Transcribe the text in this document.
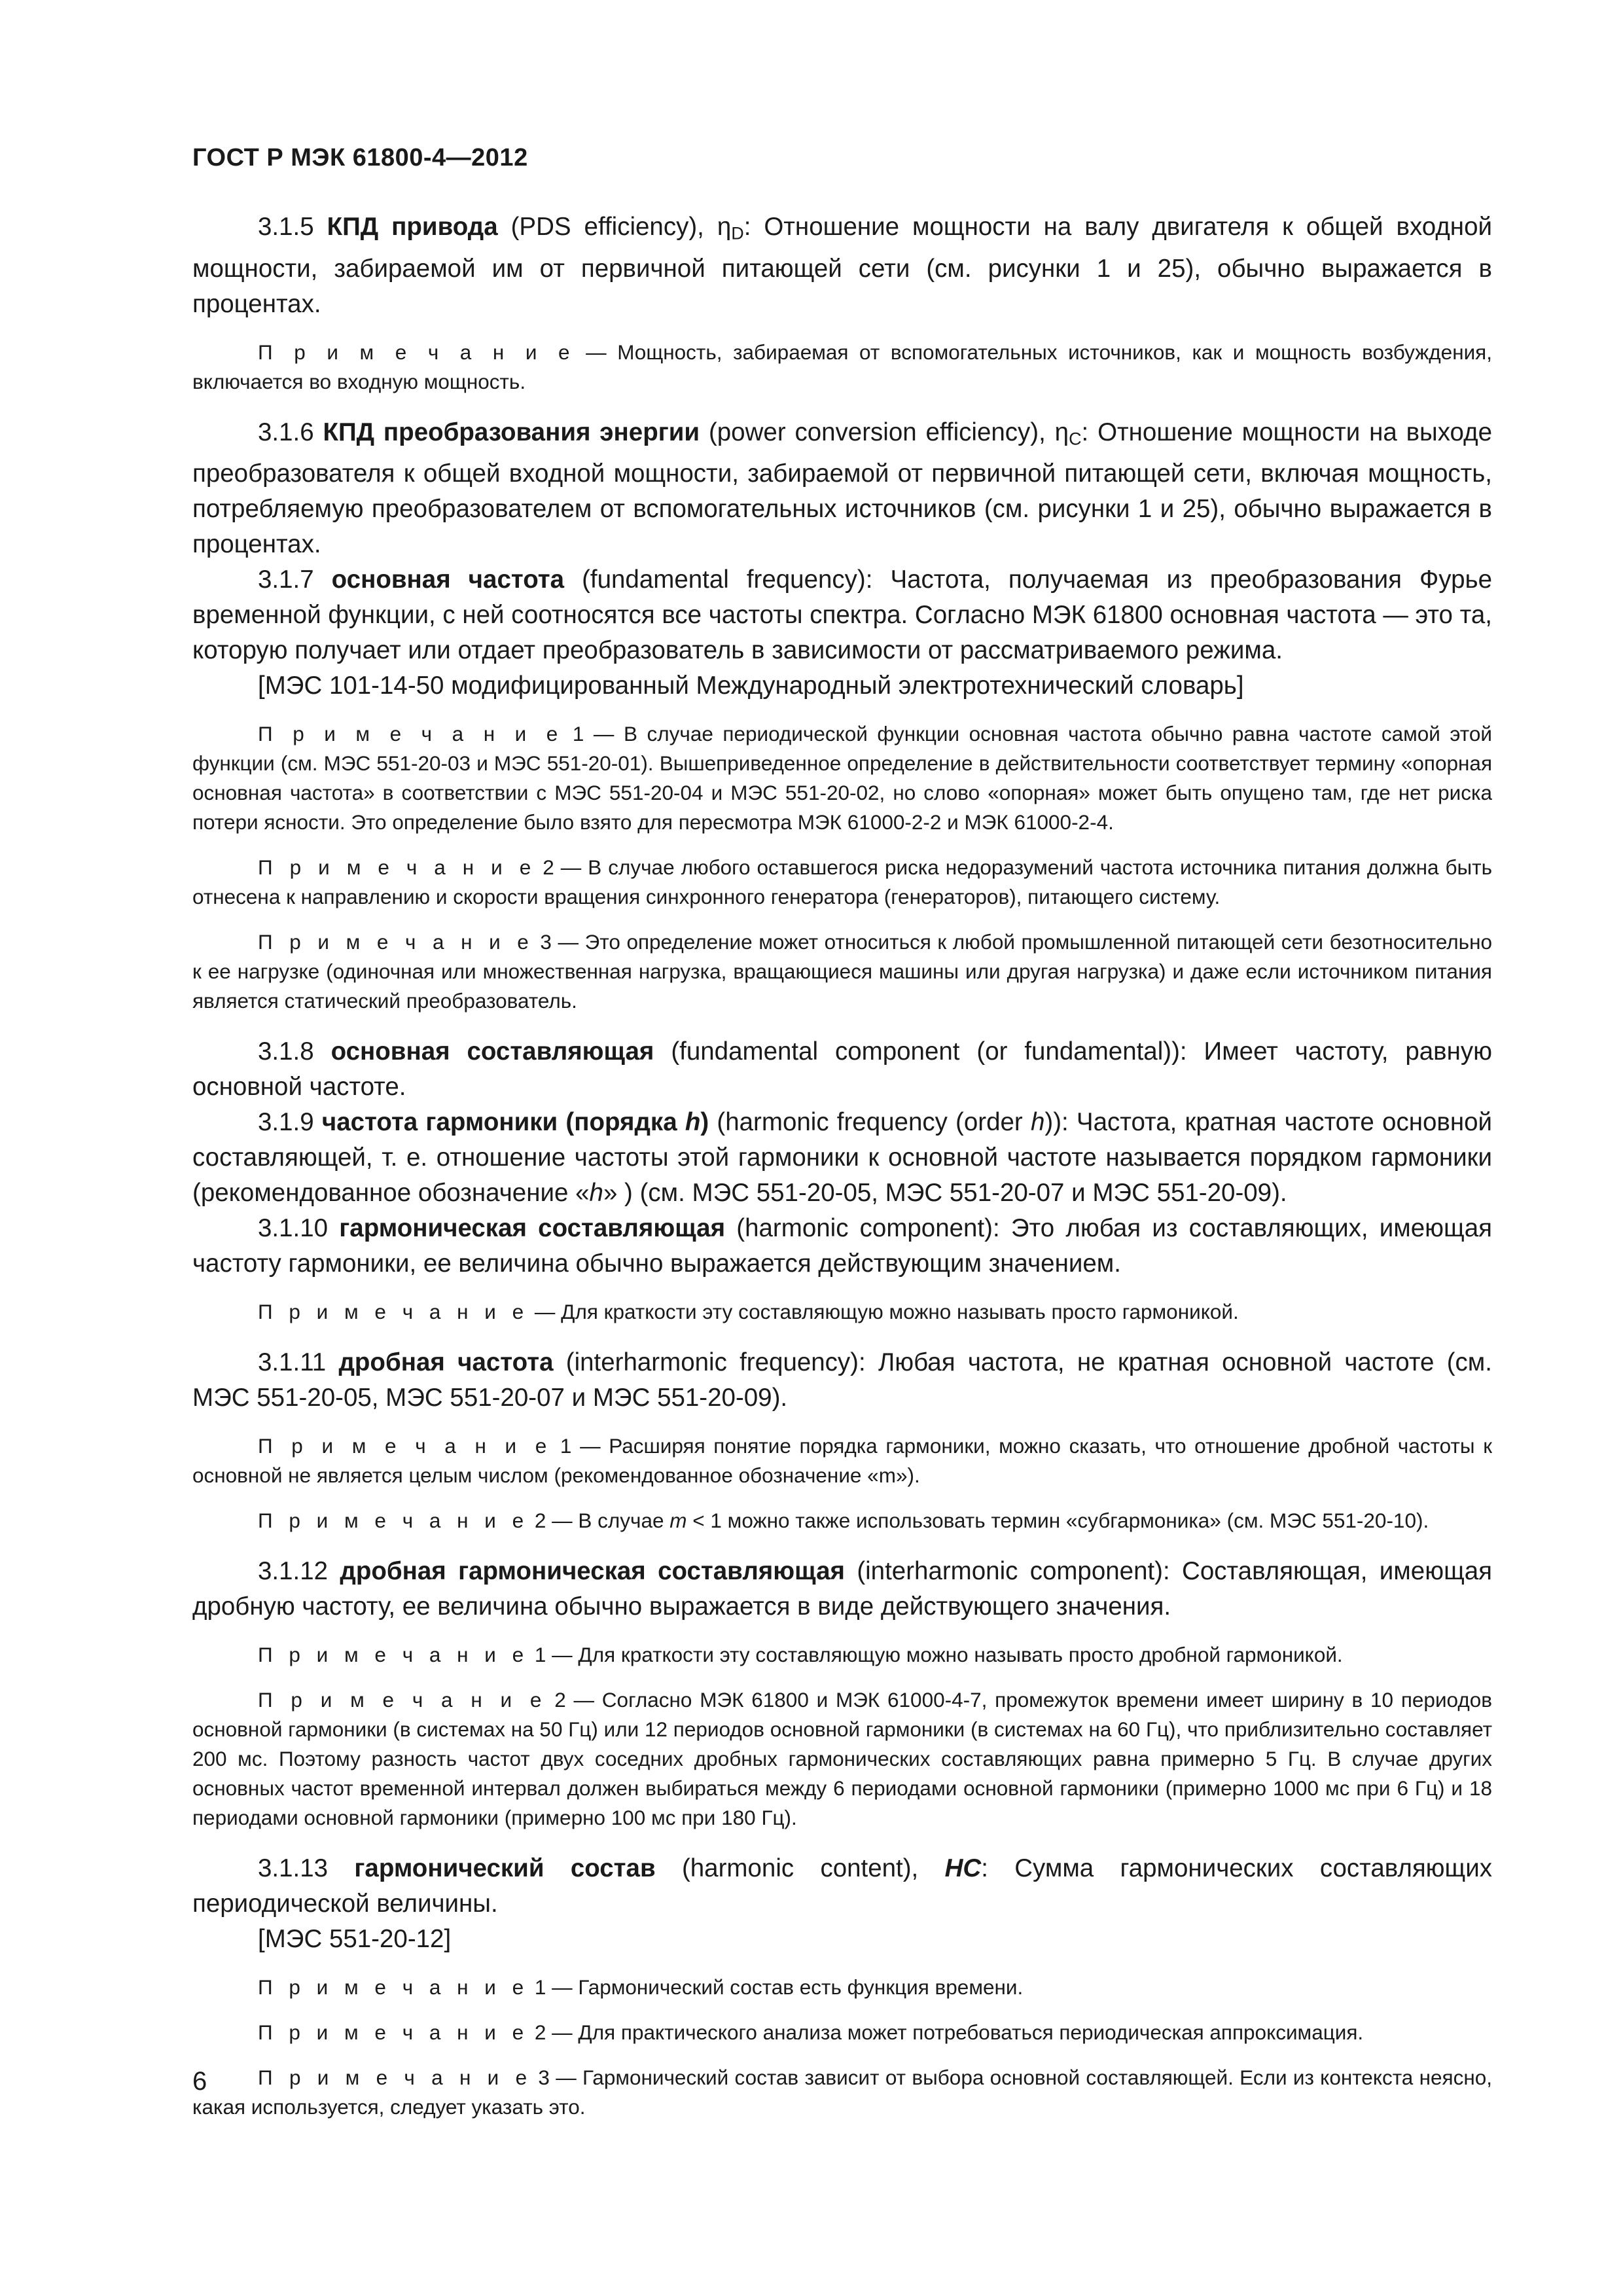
ГОСТ Р МЭК 61800-4—2012

3.1.5 КПД привода (PDS efficiency), $\eta_D$: Отношение мощности на валу двигателя к общей входной мощности, забираемой им от первичной питающей сети (см. рисунки 1 и 25), обычно выражается в процентах.

П р и м е ч а н и е — Мощность, забираемая от вспомогательных источников, как и мощность возбуждения, включается во входную мощность.

3.1.6 КПД преобразования энергии (power conversion efficiency), $\eta_C$: Отношение мощности на выходе преобразователя к общей входной мощности, забираемой от первичной питающей сети, включая мощность, потребляемую преобразователем от вспомогательных источников (см. рисунки 1 и 25), обычно выражается в процентах.

3.1.7 основная частота (fundamental frequency): Частота, получаемая из преобразования Фурье временной функции, с ней соотносятся все частоты спектра. Согласно МЭК 61800 основная частота — это та, которую получает или отдает преобразователь в зависимости от рассматриваемого режима.

[МЭС 101-14-50 модифицированный Международный электротехнический словарь]

П р и м е ч а н и е 1 — В случае периодической функции основная частота обычно равна частоте самой этой функции (см. МЭС 551-20-03 и МЭС 551-20-01). Вышеприведенное определение в действительности соответствует термину «опорная основная частота» в соответствии с МЭС 551-20-04 и МЭС 551-20-02, но слово «опорная» может быть опущено там, где нет риска потери ясности. Это определение было взято для пересмотра МЭК 61000-2-2 и МЭК 61000-2-4.

П р и м е ч а н и е 2 — В случае любого оставшегося риска недоразумений частота источника питания должна быть отнесена к направлению и скорости вращения синхронного генератора (генераторов), питающего систему.

П р и м е ч а н и е 3 — Это определение может относиться к любой промышленной питающей сети безотносительно к ее нагрузке (одиночная или множественная нагрузка, вращающиеся машины или другая нагрузка) и даже если источником питания является статический преобразователь.

3.1.8 основная составляющая (fundamental component (or fundamental)): Имеет частоту, равную основной частоте.

3.1.9 частота гармоники (порядка h) (harmonic frequency (order h)): Частота, кратная частоте основной составляющей, т. е. отношение частоты этой гармоники к основной частоте называется порядком гармоники (рекомендованное обозначение «h» ) (см. МЭС 551-20-05, МЭС 551-20-07 и МЭС 551-20-09).

3.1.10 гармоническая составляющая (harmonic component): Это любая из составляющих, имеющая частоту гармоники, ее величина обычно выражается действующим значением.

П р и м е ч а н и е — Для краткости эту составляющую можно называть просто гармоникой.

3.1.11 дробная частота (interharmonic frequency): Любая частота, не кратная основной частоте (см. МЭС 551-20-05, МЭС 551-20-07 и МЭС 551-20-09).

П р и м е ч а н и е 1 — Расширяя понятие порядка гармоники, можно сказать, что отношение дробной частоты к основной не является целым числом (рекомендованное обозначение «m»).

П р и м е ч а н и е 2 — В случае m < 1 можно также использовать термин «субгармоника» (см. МЭС 551-20-10).

3.1.12 дробная гармоническая составляющая (interharmonic component): Составляющая, имеющая дробную частоту, ее величина обычно выражается в виде действующего значения.

П р и м е ч а н и е 1 — Для краткости эту составляющую можно называть просто дробной гармоникой.

П р и м е ч а н и е 2 — Согласно МЭК 61800 и МЭК 61000-4-7, промежуток времени имеет ширину в 10 периодов основной гармоники (в системах на 50 Гц) или 12 периодов основной гармоники (в системах на 60 Гц), что приблизительно составляет 200 мс. Поэтому разность частот двух соседних дробных гармонических составляющих равна примерно 5 Гц. В случае других основных частот временной интервал должен выбираться между 6 периодами основной гармоники (примерно 1000 мс при 6 Гц) и 18 периодами основной гармоники (примерно 100 мс при 180 Гц).

3.1.13 гармонический состав (harmonic content), HC: Сумма гармонических составляющих периодической величины.

[МЭС 551-20-12]

П р и м е ч а н и е 1 — Гармонический состав есть функция времени.

П р и м е ч а н и е 2 — Для практического анализа может потребоваться периодическая аппроксимация.

П р и м е ч а н и е 3 — Гармонический состав зависит от выбора основной составляющей. Если из контекста неясно, какая используется, следует указать это.

6
